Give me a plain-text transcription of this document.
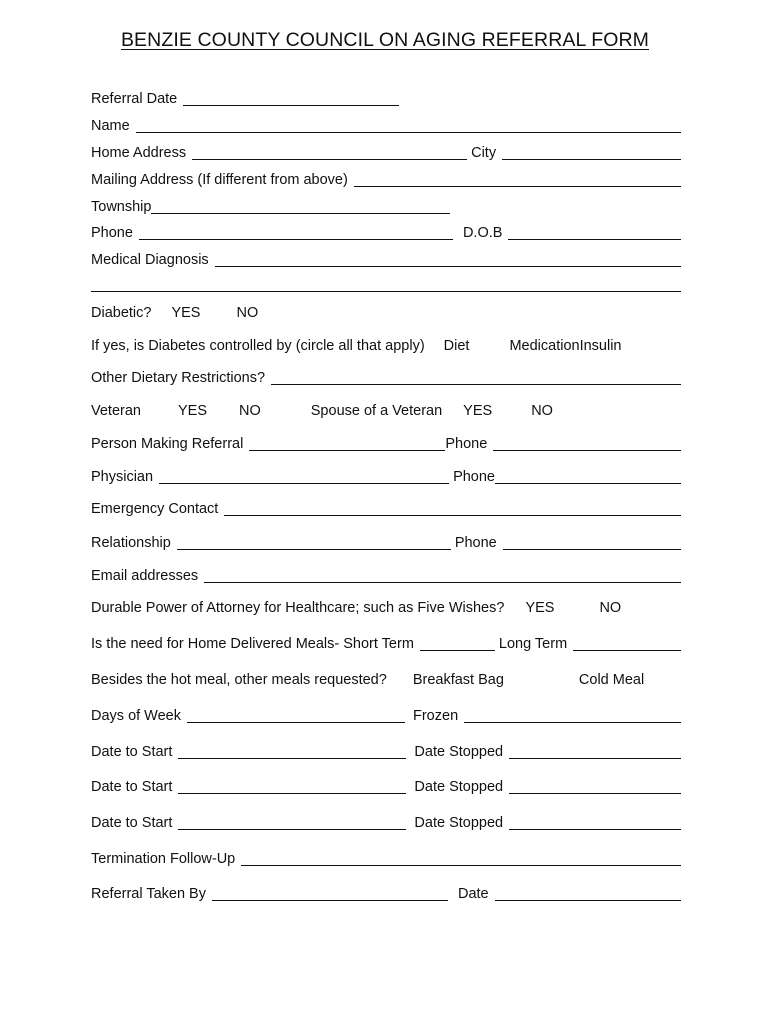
BENZIE COUNTY COUNCIL ON AGING REFERRAL FORM
Referral Date
Name
Home Address	City
Mailing Address (If different from above)
Township
Phone	D.O.B
Medical Diagnosis
Diabetic? YES NO
If yes, is Diabetes controlled by (circle all that apply) Diet	Medication Insulin
Other Dietary Restrictions?
Veteran	YES NO	Spouse of a Veteran YES	NO
Person Making Referral	Phone
Physician	Phone
Emergency Contact
Relationship	Phone
Email addresses
Durable Power of Attorney for Healthcare; such as Five Wishes? YES	NO
Is the need for Home Delivered Meals- Short Term	Long Term
Besides the hot meal, other meals requested? Breakfast Bag	Cold Meal
Days of Week	Frozen
Date to Start	Date Stopped
Date to Start	Date Stopped
Date to Start	Date Stopped
Termination Follow-Up
Referral Taken By	Date
